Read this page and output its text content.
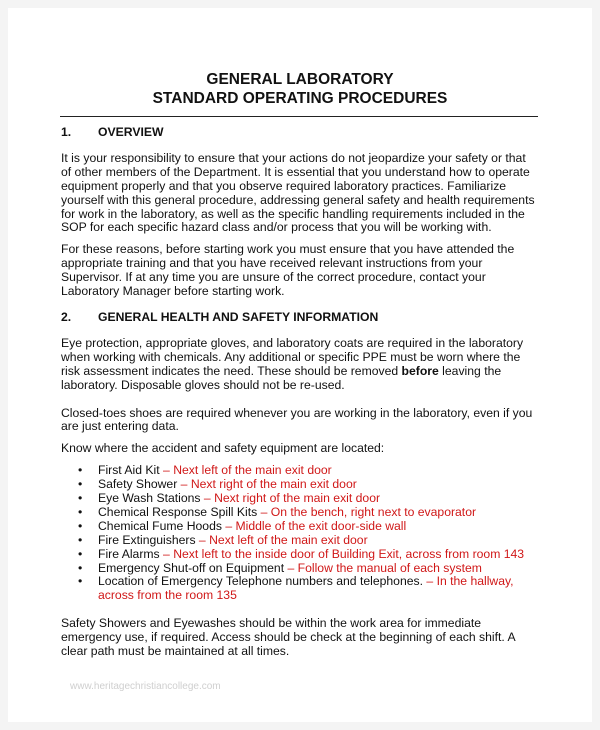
GENERAL LABORATORY
STANDARD OPERATING PROCEDURES
1.	OVERVIEW

It is your responsibility to ensure that your actions do not jeopardize your safety or that of other members of the Department. It is essential that you understand how to operate equipment properly and that you observe required laboratory practices. Familiarize yourself with this general procedure, addressing general safety and health requirements for work in the laboratory, as well as the specific handling requirements included in the SOP for each specific hazard class and/or process that you will be working with.

For these reasons, before starting work you must ensure that you have attended the appropriate training and that you have received relevant instructions from your Supervisor. If at any time you are unsure of the correct procedure, contact your Laboratory Manager before starting work.

2.	GENERAL HEALTH AND SAFETY INFORMATION

Eye protection, appropriate gloves, and laboratory coats are required in the laboratory when working with chemicals. Any additional or specific PPE must be worn where the risk assessment indicates the need. These should be removed before leaving the laboratory. Disposable gloves should not be re-used.

Closed-toes shoes are required whenever you are working in the laboratory, even if you are just entering data.

Know where the accident and safety equipment are located:

• First Aid Kit – Next left of the main exit door
• Safety Shower – Next right of the main exit door
• Eye Wash Stations – Next right of the main exit door
• Chemical Response Spill Kits – On the bench, right next to evaporator
• Chemical Fume Hoods – Middle of the exit door-side wall
• Fire Extinguishers – Next left of the main exit door
• Fire Alarms – Next left to the inside door of Building Exit, across from room 143
• Emergency Shut-off on Equipment – Follow the manual of each system
• Location of Emergency Telephone numbers and telephones. – In the hallway, across from the room 135

Safety Showers and Eyewashes should be within the work area for immediate emergency use, if required. Access should be check at the beginning of each shift. A clear path must be maintained at all times.

www.heritagechristiancollege.com
